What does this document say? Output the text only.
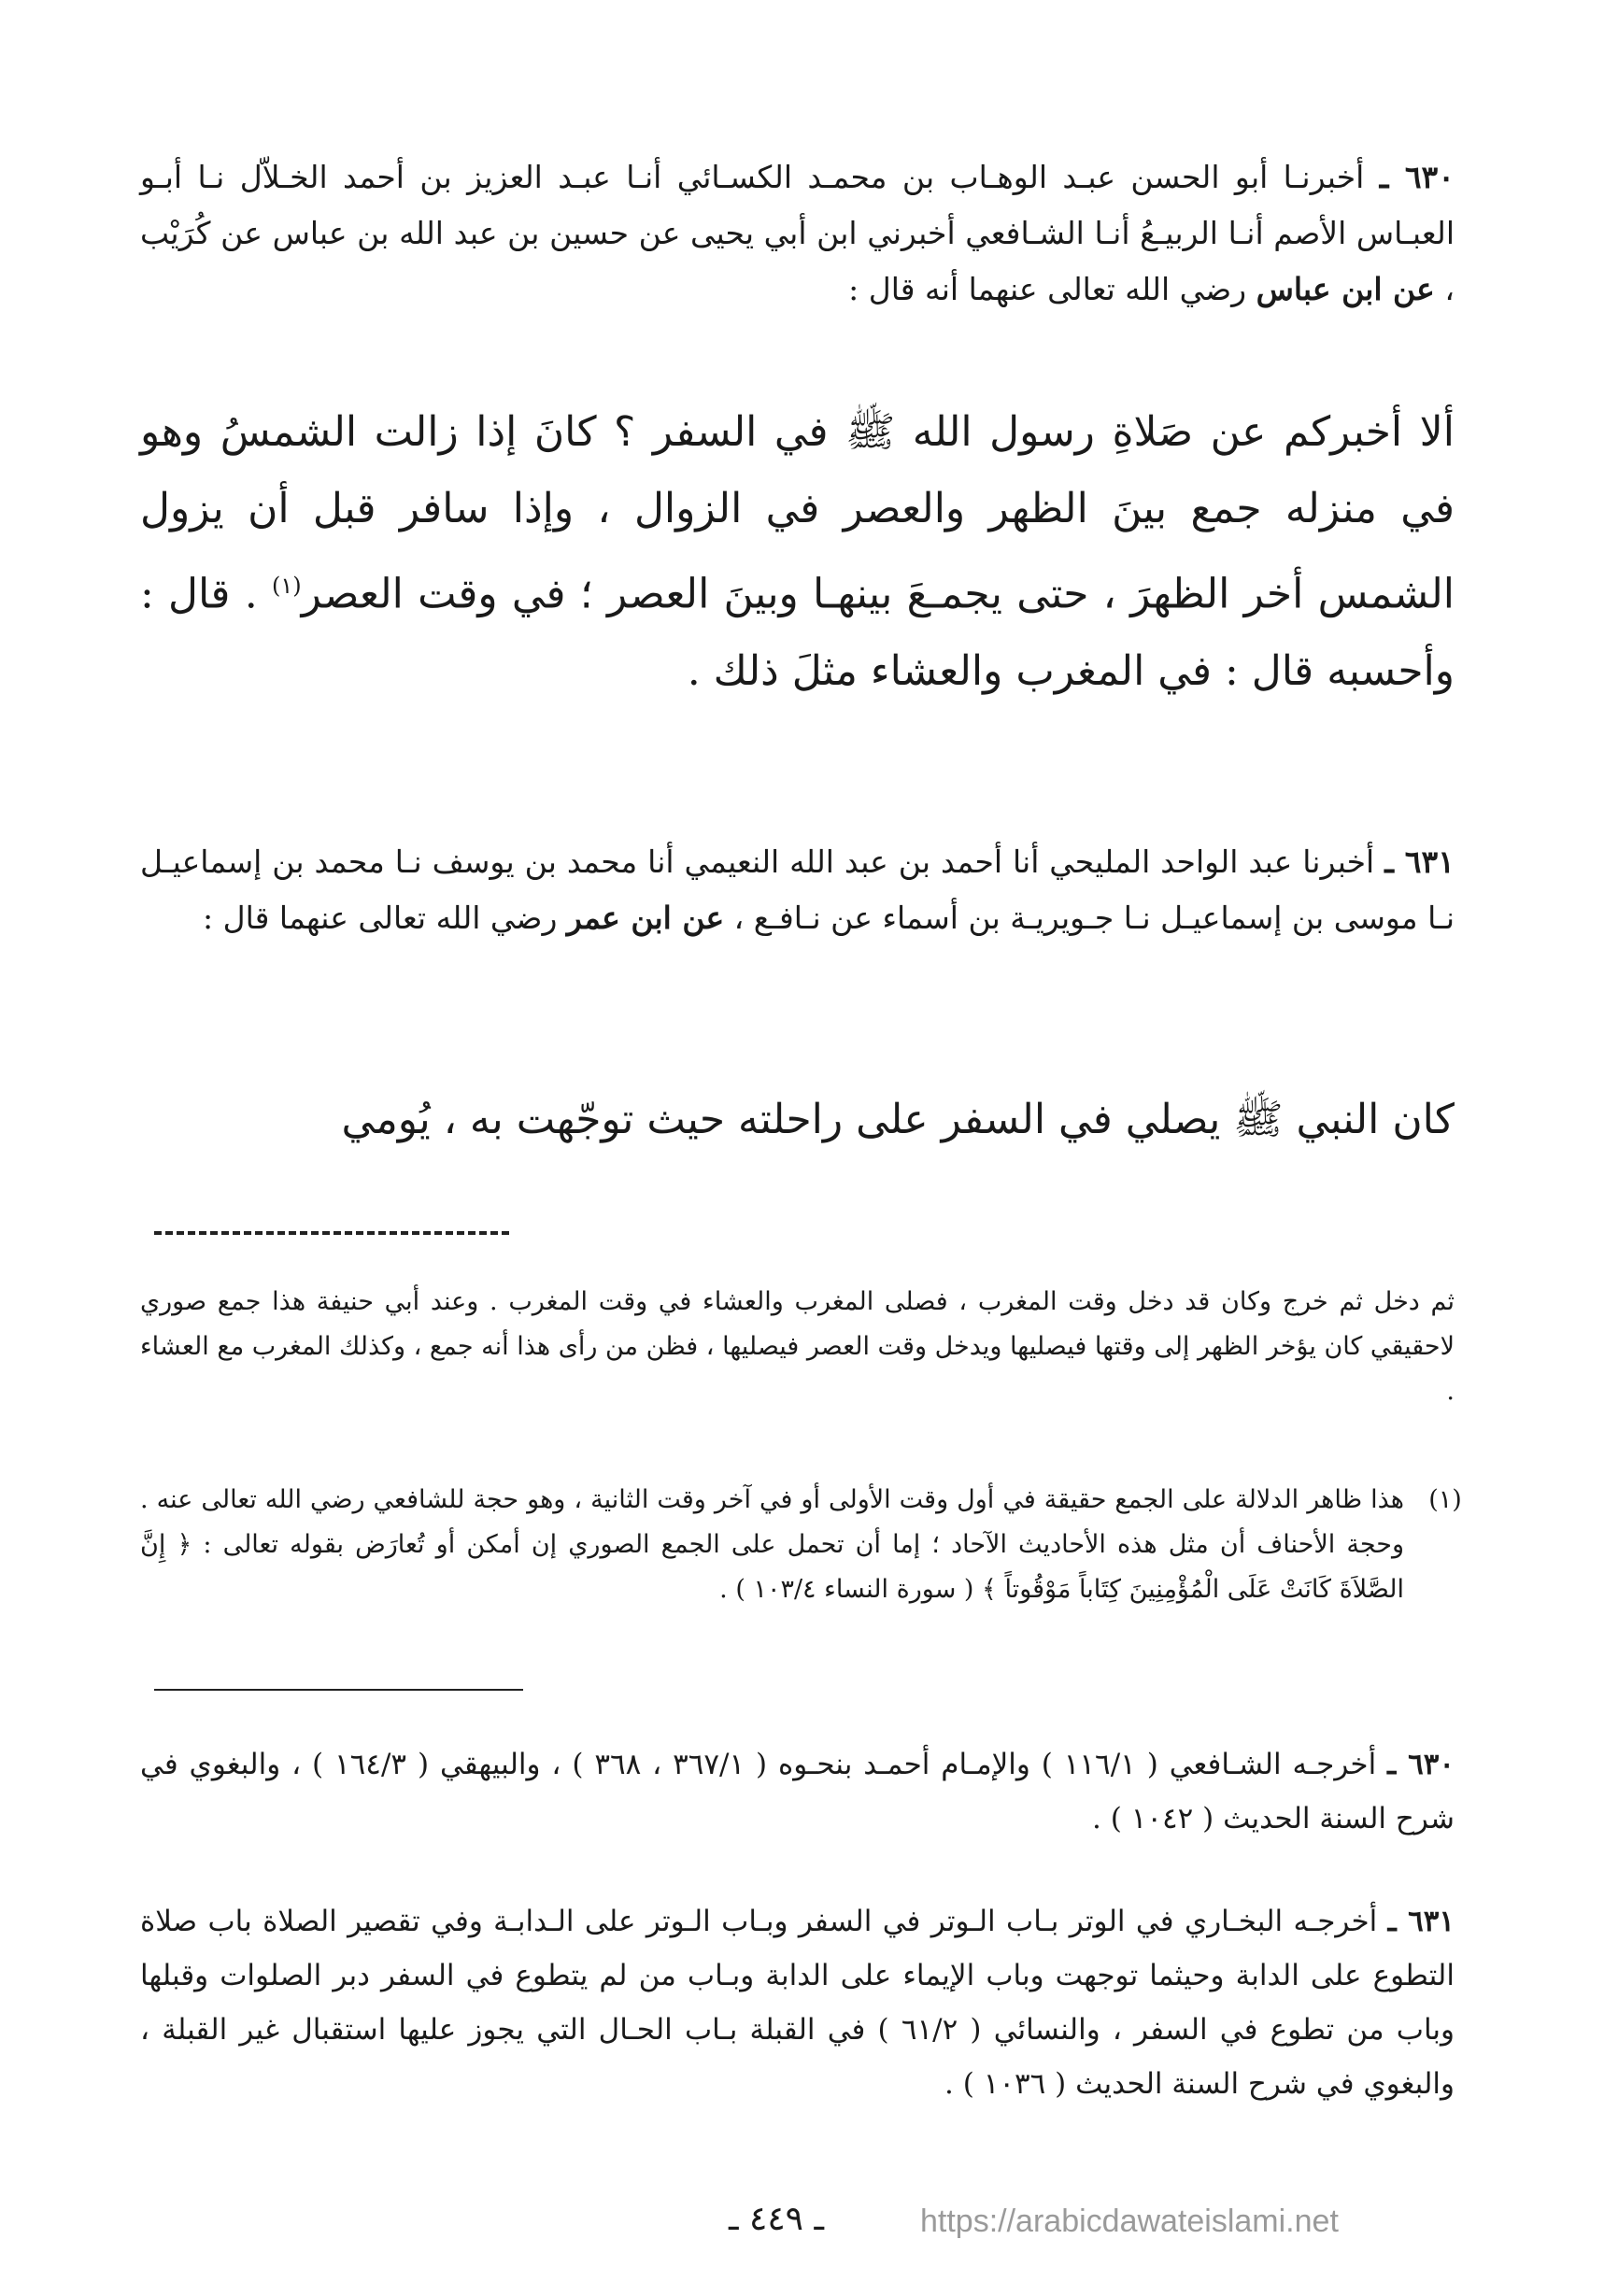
٦٣٠ ـ أخبرنـا أبو الحسن عبـد الوهـاب بن محمـد الكسـائي أنـا عبـد العزيز بن أحمد الخـلاّل نـا أبـو العبـاس الأصم أنـا الربيـعُ أنـا الشـافعي أخبرني ابن أبي يحيى عن حسين بن عبد الله بن عباس عن كُرَيْب ، عن ابن عباس رضي الله تعالى عنهما أنه قال :

ألا أخبركم عن صَلاةِ رسول الله ﷺ في السفر ؟ كانَ إذا زالت الشمسُ وهو في منزله جمع بينَ الظهر والعصر في الزوال ، وإذا سافر قبل أن يزول الشمس أخر الظهرَ ، حتى يجمـعَ بينهـا وبينَ العصر ؛ في وقت العصر$^{(١)}$ . قال : وأحسبه قال : في المغرب والعشاء مثلَ ذلك .

٦٣١ ـ أخبرنا عبد الواحد المليحي أنا أحمد بن عبد الله النعيمي أنا محمد بن يوسف نـا محمد بن إسماعيـل نـا موسى بن إسماعيـل نـا جـويريـة بن أسماء عن نـافـع ، عن ابن عمر رضي الله تعالى عنهما قال :

كان النبي ﷺ يصلي في السفر على راحلته حيث توجّهت به ، يُومي

ثم دخل ثم خرج وكان قد دخل وقت المغرب ، فصلى المغرب والعشاء في وقت المغرب . وعند أبي حنيفة هذا جمع صوري لاحقيقي كان يؤخر الظهر إلى وقتها فيصليها ويدخل وقت العصر فيصليها ، فظن من رأى هذا أنه جمع ، وكذلك المغرب مع العشاء .

(١)

هذا ظاهر الدلالة على الجمع حقيقة في أول وقت الأولى أو في آخر وقت الثانية ، وهو حجة للشافعي رضي الله تعالى عنه . وحجة الأحناف أن مثل هذه الأحاديث الآحاد ؛ إما أن تحمل على الجمع الصوري إن أمكن أو تُعارَض بقوله تعالى : ﴿ إِنَّ الصَّلاَةَ كَانَتْ عَلَى الْمُؤْمِنِينَ كِتَاباً مَوْقُوتاً ﴾ ( سورة النساء ١٠٣/٤ ) .

٦٣٠ ـ أخرجـه الشـافعي ( ١١٦/١ ) والإمـام أحمـد بنحـوه ( ٣٦٧/١ ، ٣٦٨ ) ، والبيهقي ( ١٦٤/٣ ) ، والبغوي في شرح السنة الحديث ( ١٠٤٢ ) .

٦٣١ ـ أخرجـه البخـاري في الوتر بـاب الـوتر في السفر وبـاب الـوتر على الـدابـة وفي تقصير الصلاة باب صلاة التطوع على الدابة وحيثما توجهت وباب الإيماء على الدابة وبـاب من لم يتطوع في السفر دبر الصلوات وقبلها وباب من تطوع في السفر ، والنسائي ( ٦١/٢ ) في القبلة بـاب الحـال التي يجوز عليها استقبال غير القبلة ، والبغوي في شرح السنة الحديث ( ١٠٣٦ ) .

ـ ٤٤٩ ـ	https://arabicdawateislami.net
